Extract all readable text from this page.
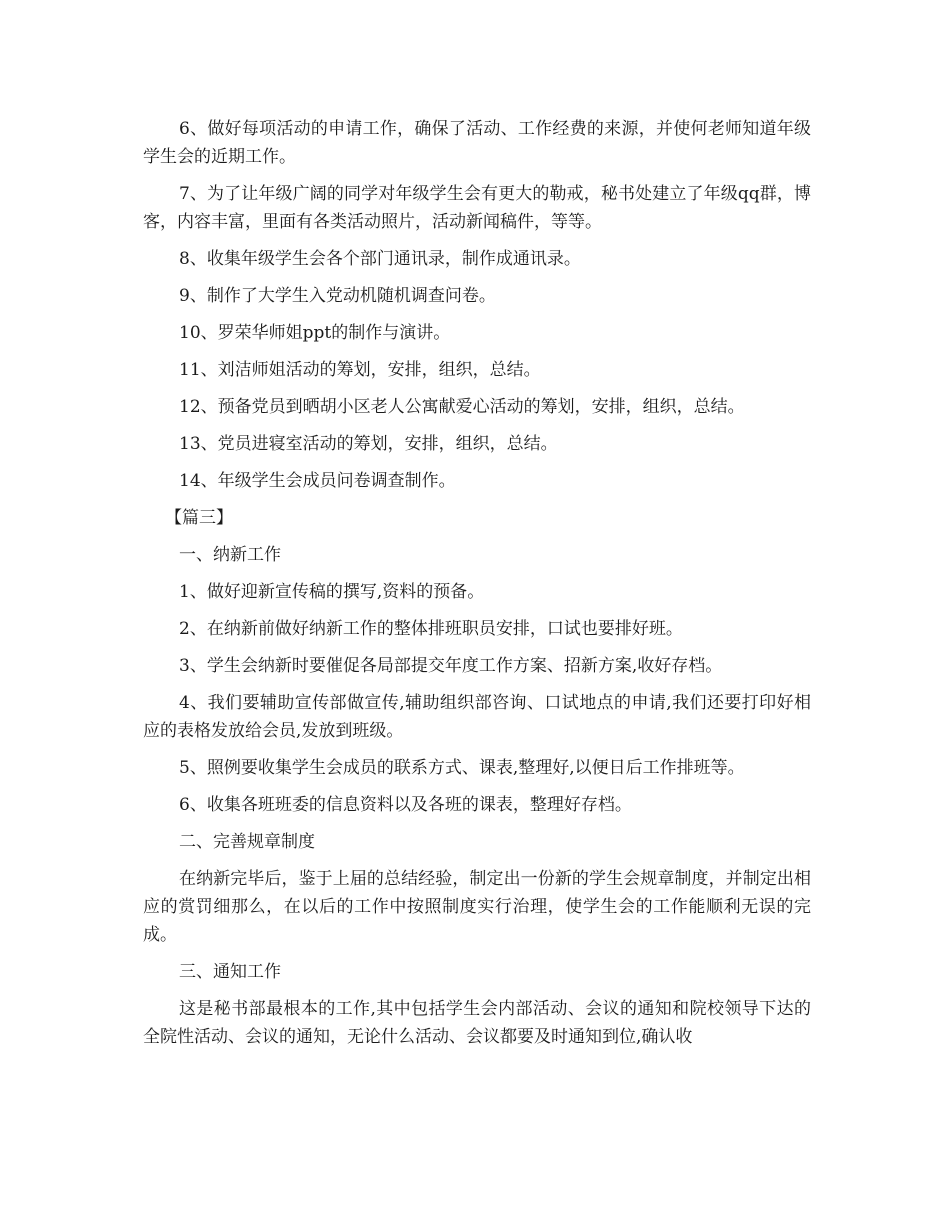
6、做好每项活动的申请工作，确保了活动、工作经费的来源，并使何老师知道年级学生会的近期工作。

7、为了让年级广阔的同学对年级学生会有更大的勒戒，秘书处建立了年级qq群，博客，内容丰富，里面有各类活动照片，活动新闻稿件，等等。

8、收集年级学生会各个部门通讯录，制作成通讯录。

9、制作了大学生入党动机随机调查问卷。

10、罗荣华师姐ppt的制作与演讲。

11、刘洁师姐活动的筹划，安排，组织，总结。

12、预备党员到晒胡小区老人公寓献爱心活动的筹划，安排，组织，总结。

13、党员进寝室活动的筹划，安排，组织，总结。

14、年级学生会成员问卷调查制作。

【篇三】

一、纳新工作

1、做好迎新宣传稿的撰写,资料的预备。

2、在纳新前做好纳新工作的整体排班职员安排，口试也要排好班。

3、学生会纳新时要催促各局部提交年度工作方案、招新方案,收好存档。

4、我们要辅助宣传部做宣传,辅助组织部咨询、口试地点的申请,我们还要打印好相应的表格发放给会员,发放到班级。

5、照例要收集学生会成员的联系方式、课表,整理好,以便日后工作排班等。

6、收集各班班委的信息资料以及各班的课表，整理好存档。

二、完善规章制度

在纳新完毕后，鉴于上届的总结经验，制定出一份新的学生会规章制度，并制定出相应的赏罚细那么，在以后的工作中按照制度实行治理，使学生会的工作能顺利无误的完成。

三、通知工作

这是秘书部最根本的工作,其中包括学生会内部活动、会议的通知和院校领导下达的全院性活动、会议的通知，无论什么活动、会议都要及时通知到位,确认收
